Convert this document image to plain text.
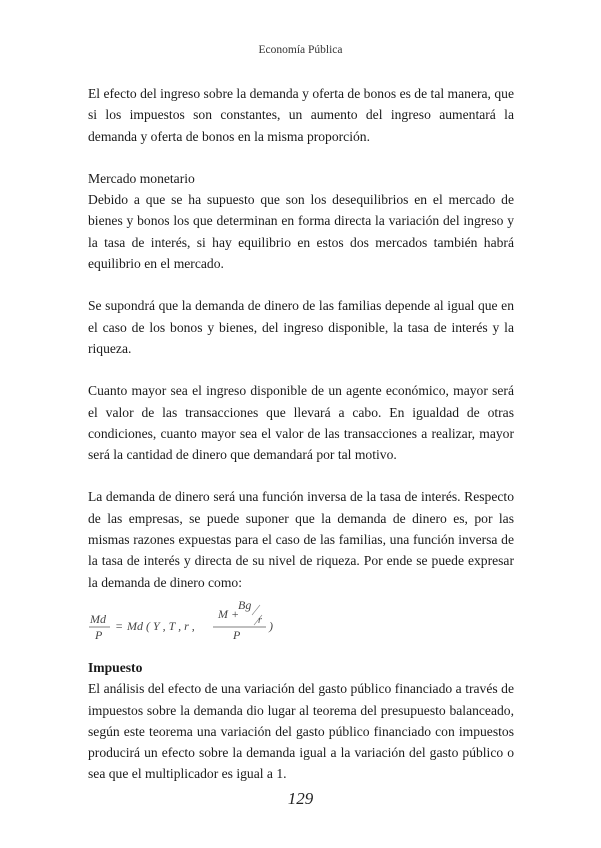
Economía Pública

El efecto del ingreso sobre la demanda y oferta de bonos es de tal manera, que si los impuestos son constantes, un aumento del ingreso aumentará la demanda y oferta de bonos en la misma proporción.

Mercado monetario

Debido a que se ha supuesto que son los desequilibrios en el mercado de bienes y bonos los que determinan en forma directa la variación del ingreso y la tasa de interés, si hay equilibrio en estos dos mercados también habrá equilibrio en el mercado.

Se supondrá que la demanda de dinero de las familias depende al igual que en el caso de los bonos y bienes, del ingreso disponible, la tasa de interés y la riqueza.

Cuanto mayor sea el ingreso disponible de un agente económico, mayor será el valor de las transacciones que llevará a cabo. En igualdad de otras condiciones, cuanto mayor sea el valor de las transacciones a realizar, mayor será la cantidad de dinero que demandará por tal motivo.

La demanda de dinero será una función inversa de la tasa de interés. Respecto de las empresas, se puede suponer que la demanda de dinero es, por las mismas razones expuestas para el caso de las familias, una función inversa de la tasa de interés y directa de su nivel de riqueza. Por ende se puede expresar la demanda de dinero como:

Md
P
= Md ( Y , T , r ,
M +
Bg
r
P
)

Impuesto

El análisis del efecto de una variación del gasto público financiado a través de impuestos sobre la demanda dio lugar al teorema del presupuesto balanceado, según este teorema una variación del gasto público financiado con impuestos producirá un efecto sobre la demanda igual a la variación del gasto público o sea que el multiplicador es igual a 1.

129
